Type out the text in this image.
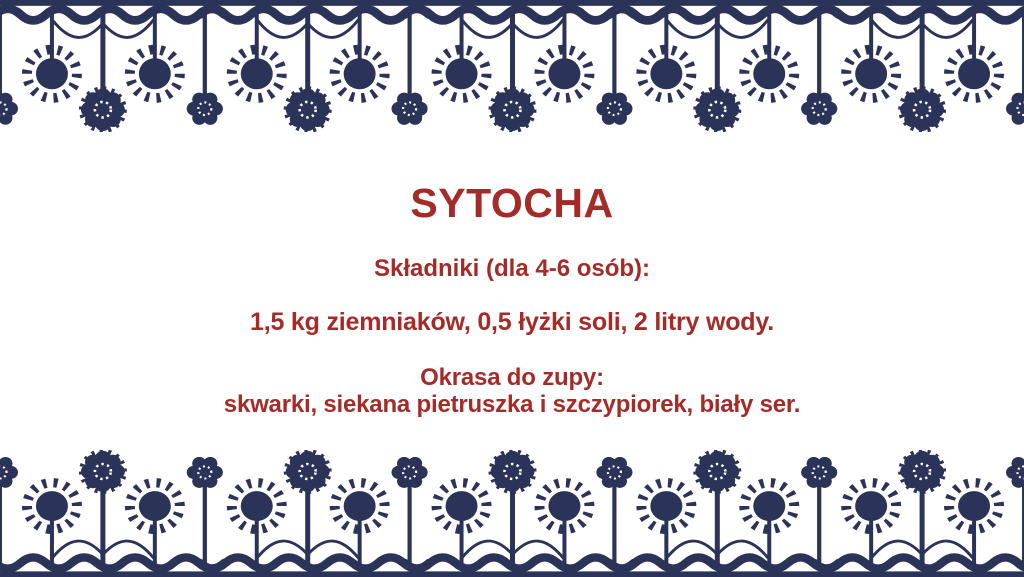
SYTOCHA

Składniki (dla 4-6 osób):

1,5 kg ziemniaków, 0,5 łyżki soli, 2 litry wody.

Okrasa do zupy:

skwarki, siekana pietruszka i szczypiorek, biały ser.
